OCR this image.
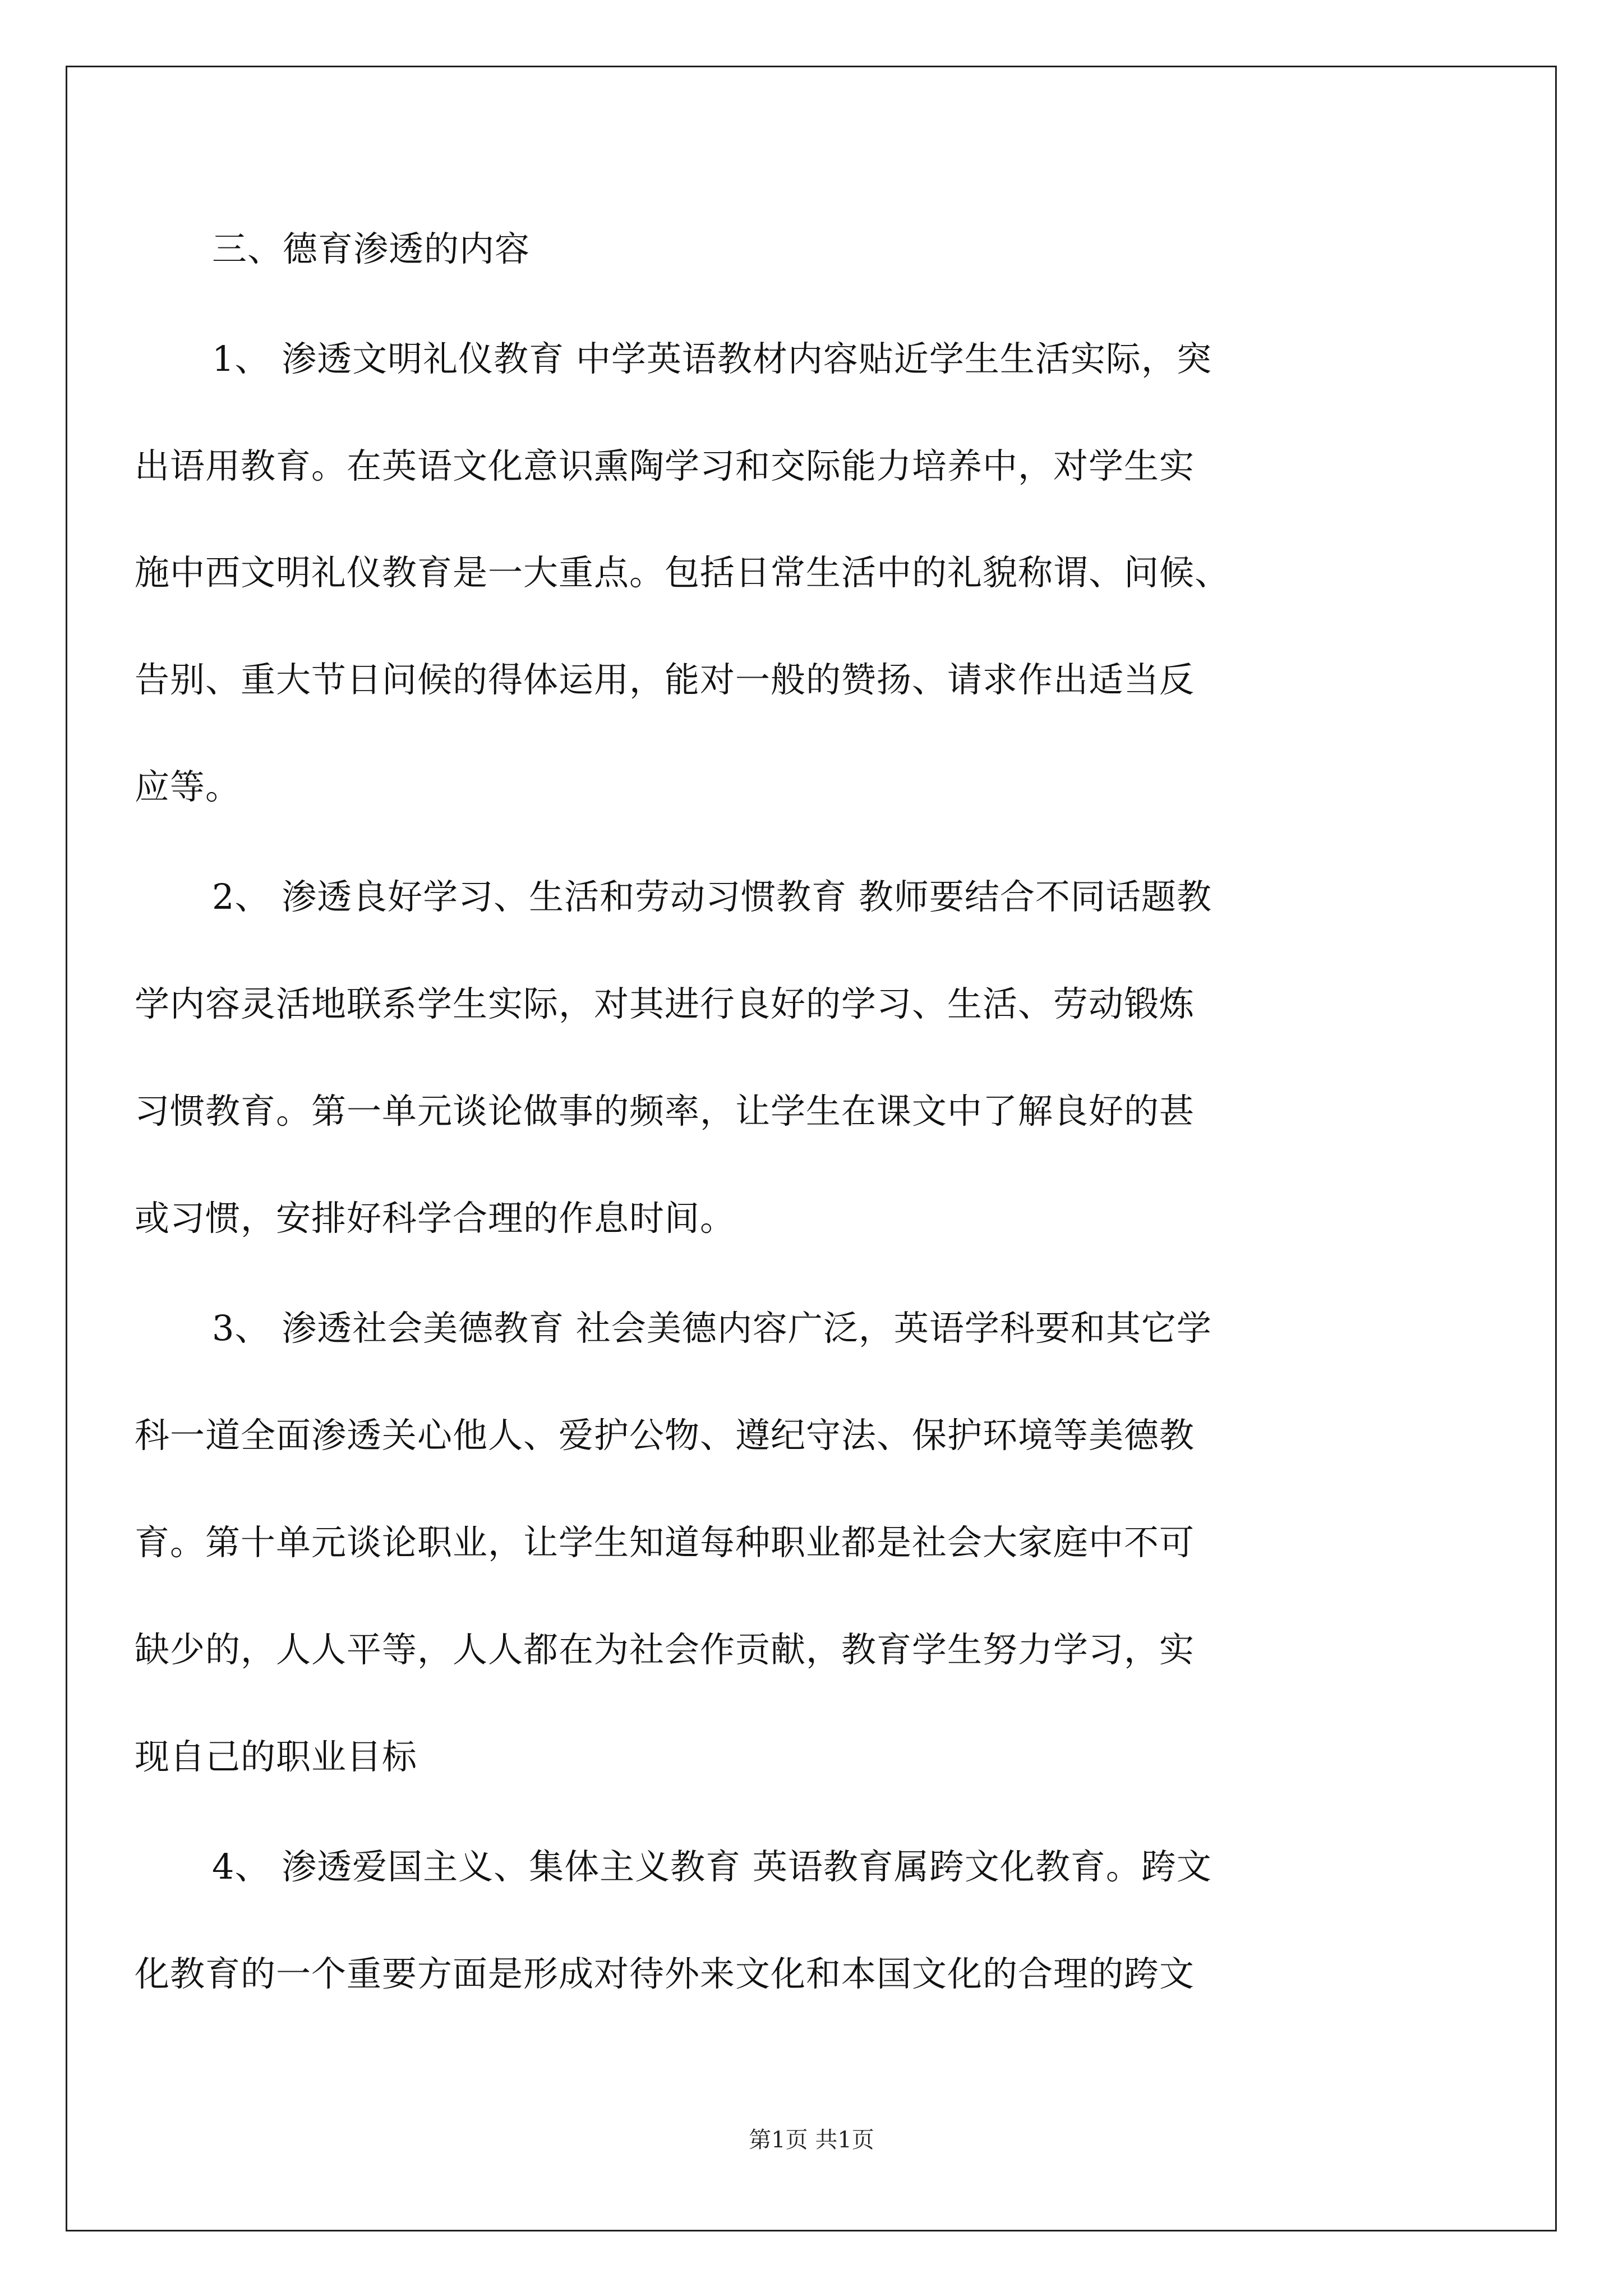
三、德育渗透的内容
1、 渗透文明礼仪教育 中学英语教材内容贴近学生生活实际，突
出语用教育。在英语文化意识熏陶学习和交际能力培养中，对学生实
施中西文明礼仪教育是一大重点。包括日常生活中的礼貌称谓、问候、
告别、重大节日问候的得体运用，能对一般的赞扬、请求作出适当反
应等。
2、 渗透良好学习、生活和劳动习惯教育 教师要结合不同话题教
学内容灵活地联系学生实际，对其进行良好的学习、生活、劳动锻炼
习惯教育。第一单元谈论做事的频率，让学生在课文中了解良好的甚
或习惯，安排好科学合理的作息时间。
3、 渗透社会美德教育 社会美德内容广泛，英语学科要和其它学
科一道全面渗透关心他人、爱护公物、遵纪守法、保护环境等美德教
育。第十单元谈论职业，让学生知道每种职业都是社会大家庭中不可
缺少的，人人平等，人人都在为社会作贡献，教育学生努力学习，实
现自己的职业目标
4、 渗透爱国主义、集体主义教育 英语教育属跨文化教育。跨文
化教育的一个重要方面是形成对待外来文化和本国文化的合理的跨文
第1页 共1页
